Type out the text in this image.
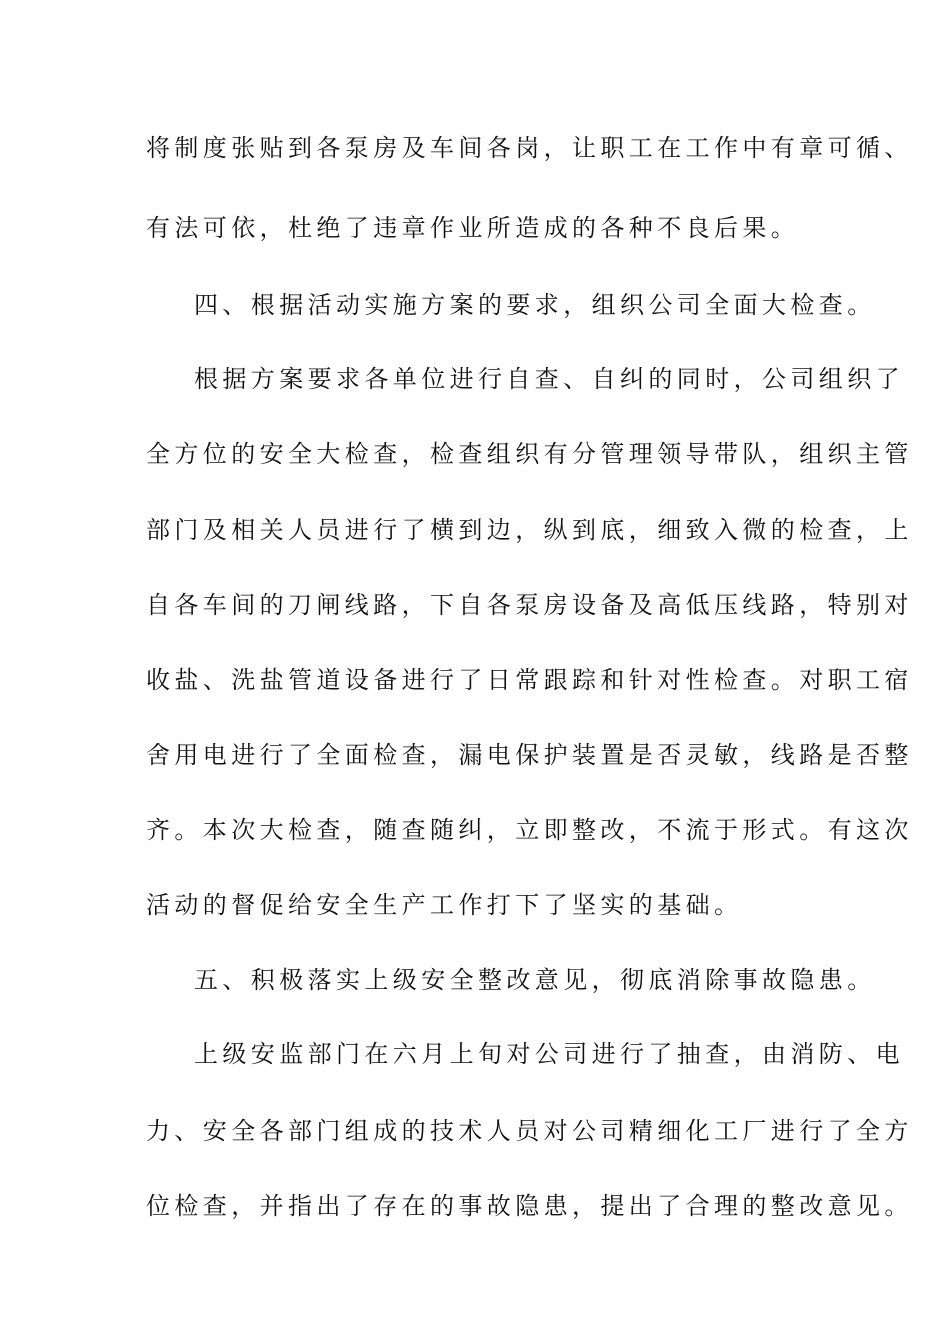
将制度张贴到各泵房及车间各岗，让职工在工作中有章可循、
有法可依，杜绝了违章作业所造成的各种不良后果。
四、根据活动实施方案的要求，组织公司全面大检查。
根据方案要求各单位进行自查、自纠的同时，公司组织了
全方位的安全大检查，检查组织有分管理领导带队，组织主管
部门及相关人员进行了横到边，纵到底，细致入微的检查，上
自各车间的刀闸线路，下自各泵房设备及高低压线路，特别对
收盐、洗盐管道设备进行了日常跟踪和针对性检查。对职工宿
舍用电进行了全面检查，漏电保护装置是否灵敏，线路是否整
齐。本次大检查，随查随纠，立即整改，不流于形式。有这次
活动的督促给安全生产工作打下了坚实的基础。
五、积极落实上级安全整改意见，彻底消除事故隐患。
上级安监部门在六月上旬对公司进行了抽查，由消防、电
力、安全各部门组成的技术人员对公司精细化工厂进行了全方
位检查，并指出了存在的事故隐患，提出了合理的整改意见。
